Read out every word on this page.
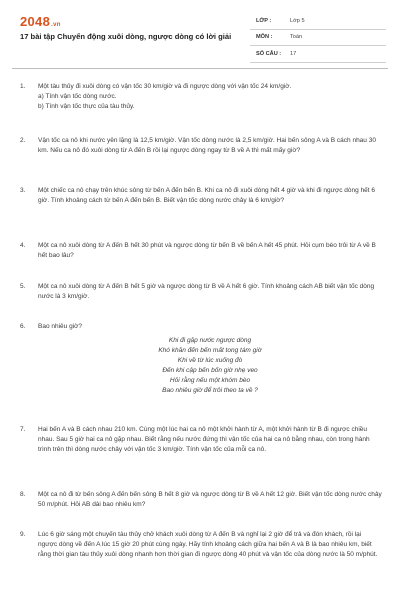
2048.vn
17 bài tập Chuyển động xuôi dòng, ngược dòng có lời giải
LỚP :	Lớp 5
MÔN :	Toán
SỐ CÂU :	17
1.	Một tàu thủy đi xuôi dòng có vận tốc 30 km/giờ và đi ngược dòng với vận tốc 24 km/giờ.

a) Tính vận tốc dòng nước.

b) Tính vận tốc thực của tàu thủy.

2.	Vận tốc ca nô khi nước yên lặng là 12,5 km/giờ. Vận tốc dòng nước là 2,5 km/giờ. Hai bến sông A và B cách nhau 30 km. Nếu ca nô đó xuôi dòng từ A đến B rồi lại ngược dòng ngay từ B về A thì mất mấy giờ?

3.	Một chiếc ca nô chạy trên khúc sông từ bến A đến bến B. Khi ca nô đi xuôi dòng hết 4 giờ và khi đi ngược dòng hết 6 giờ. Tính khoảng cách từ bến A đến bến B. Biết vận tốc dòng nước chảy là 6 km/giờ?

4.	Một ca nô xuôi dòng từ A đến B hết 30 phút và ngược dòng từ bến B về bến A hết 45 phút. Hỏi cụm bèo trôi từ A về B hết bao lâu?

5.	Một ca nô xuôi dòng từ A đến B hết 5 giờ và ngược dòng từ B về A hết 6 giờ. Tính khoảng cách AB biết vận tốc dòng nước là 3 km/giờ.

6.	Bao nhiêu giờ?

Khi đi gặp nước ngược dòng
Khó khăn đến bến mất tong tám giờ
Khi về từ lúc xuống đò
Đến khi cập bến bốn giờ nhẹ veo
Hỏi rằng nếu một khóm bèo
Bao nhiêu giờ để trôi theo ta về ?
7.	Hai bến A và B cách nhau 210 km. Cùng một lúc hai ca nô một khởi hành từ A, một khởi hành từ B đi ngược chiều nhau. Sau 5 giờ hai ca nô gặp nhau. Biết rằng nếu nước đứng thì vận tốc của hai ca nô bằng nhau, còn trong hành trình trên thì dòng nước chảy với vận tốc 3 km/giờ. Tính vận tốc của mỗi ca nô.

8.	Một ca nô đi từ bến sông A đến bến sông B hết 8 giờ và ngược dòng từ B về A hết 12 giờ. Biết vận tốc dòng nước chảy 50 m/phút. Hỏi AB dài bao nhiêu km?

9.	Lúc 6 giờ sáng một chuyến tàu thủy chở khách xuôi dòng từ A đến B và nghỉ lại 2 giờ để trả và đón khách, rồi lại ngược dòng về đến A lúc 15 giờ 20 phút cùng ngày. Hãy tính khoảng cách giữa hai bến A và B là bao nhiêu km, biết rằng thời gian tàu thủy xuôi dòng nhanh hơn thời gian đi ngược dòng 40 phút và vận tốc của dòng nước là 50 m/phút.
